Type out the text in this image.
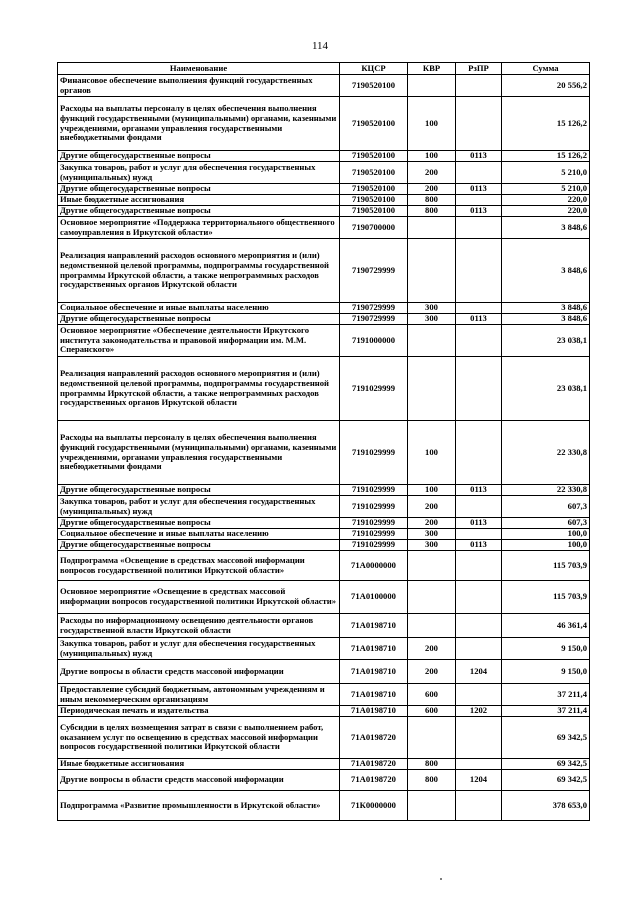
114
Наименование	КЦСР	КВР	РзПР	Сумма
Финансовое обеспечение выполнения функций государственных органов	7190520100			20 556,2
Расходы на выплаты персоналу в целях обеспечения выполнения функций государственными (муниципальными) органами, казенными учреждениями, органами управления государственными внебюджетными фондами	7190520100	100		15 126,2
Другие общегосударственные вопросы	7190520100	100	0113	15 126,2
Закупка товаров, работ и услуг для обеспечения государственных (муниципальных) нужд	7190520100	200		5 210,0
Другие общегосударственные вопросы	7190520100	200	0113	5 210,0
Иные бюджетные ассигнования	7190520100	800		220,0
Другие общегосударственные вопросы	7190520100	800	0113	220,0
Основное мероприятие «Поддержка территориального общественного самоуправления в Иркутской области»	7190700000			3 848,6
Реализация направлений расходов основного мероприятия и (или) ведомственной целевой программы, подпрограммы государственной программы Иркутской области, а также непрограммных расходов государственных органов Иркутской области	7190729999			3 848,6
Социальное обеспечение и иные выплаты населению	7190729999	300		3 848,6
Другие общегосударственные вопросы	7190729999	300	0113	3 848,6
Основное мероприятие «Обеспечение деятельности Иркутского института законодательства и правовой информации им. М.М. Сперанского»	7191000000			23 038,1
Реализация направлений расходов основного мероприятия и (или) ведомственной целевой программы, подпрограммы государственной программы Иркутской области, а также непрограммных расходов государственных органов Иркутской области	7191029999			23 038,1
Расходы на выплаты персоналу в целях обеспечения выполнения функций государственными (муниципальными) органами, казенными учреждениями, органами управления государственными внебюджетными фондами	7191029999	100		22 330,8
Другие общегосударственные вопросы	7191029999	100	0113	22 330,8
Закупка товаров, работ и услуг для обеспечения государственных (муниципальных) нужд	7191029999	200		607,3
Другие общегосударственные вопросы	7191029999	200	0113	607,3
Социальное обеспечение и иные выплаты населению	7191029999	300		100,0
Другие общегосударственные вопросы	7191029999	300	0113	100,0
Подпрограмма «Освещение в средствах массовой информации вопросов государственной политики Иркутской области»	71А0000000			115 703,9
Основное мероприятие «Освещение в средствах массовой информации вопросов государственной политики Иркутской области»	71А0100000			115 703,9
Расходы по информационному освещению деятельности органов государственной власти Иркутской области	71А0198710			46 361,4
Закупка товаров, работ и услуг для обеспечения государственных (муниципальных) нужд	71А0198710	200		9 150,0
Другие вопросы в области средств массовой информации	71А0198710	200	1204	9 150,0
Предоставление субсидий бюджетным, автономным учреждениям и иным некоммерческим организациям	71А0198710	600		37 211,4
Периодическая печать и издательства	71А0198710	600	1202	37 211,4
Субсидии в целях возмещения затрат в связи с выполнением работ, оказанием услуг по освещению в средствах массовой информации вопросов государственной политики Иркутской области	71А0198720			69 342,5
Иные бюджетные ассигнования	71А0198720	800		69 342,5
Другие вопросы в области средств массовой информации	71А0198720	800	1204	69 342,5
Подпрограмма «Развитие промышленности в Иркутской области»	71К0000000			378 653,0
